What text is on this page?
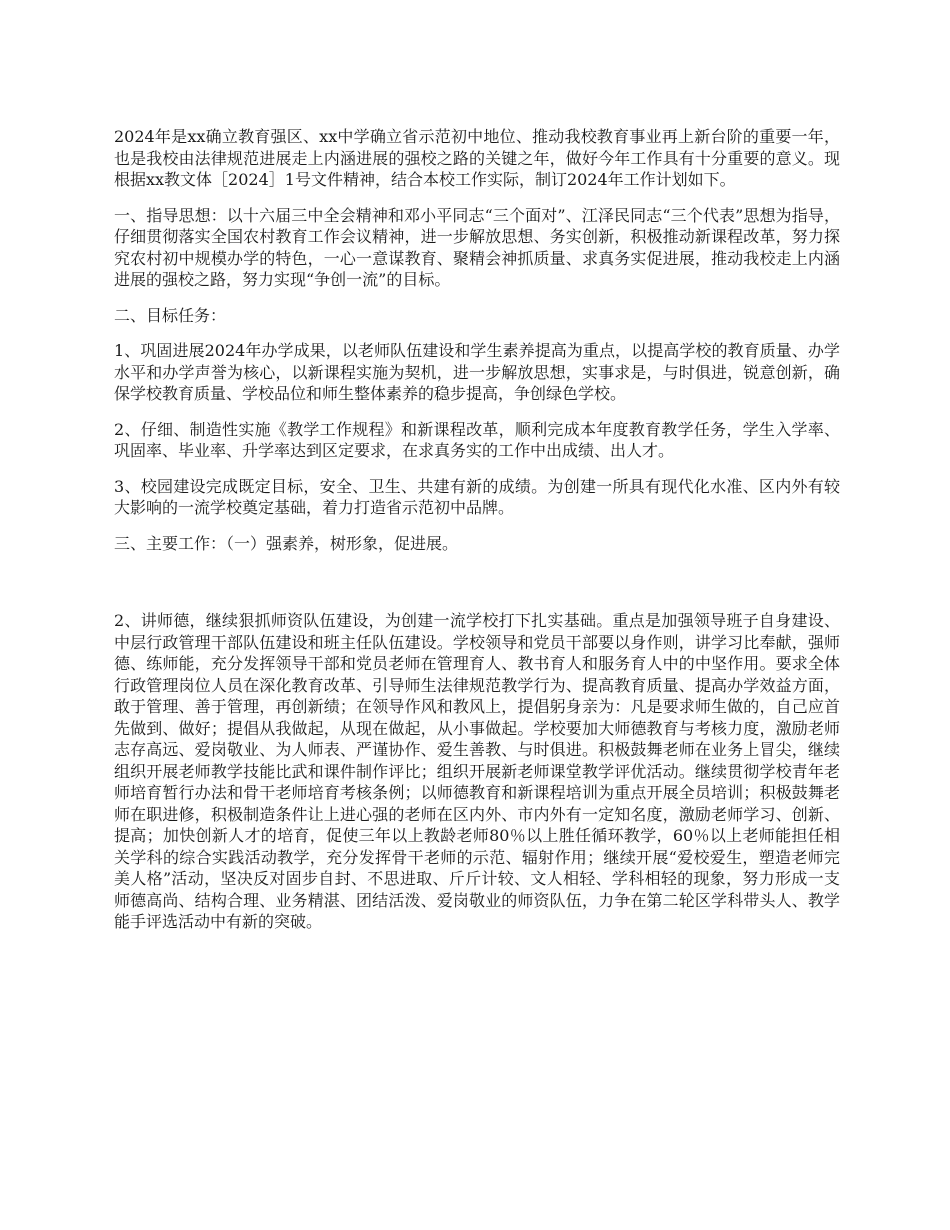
2024年是xx确立教育强区、xx中学确立省示范初中地位、推动我校教育事业再上新台阶的重要一年，也是我校由法律规范进展走上内涵进展的强校之路的关键之年，做好今年工作具有十分重要的意义。现根据xx教文体［2024］1号文件精神，结合本校工作实际，制订2024年工作计划如下。

一、指导思想：以十六届三中全会精神和邓小平同志“三个面对”、江泽民同志“三个代表”思想为指导，仔细贯彻落实全国农村教育工作会议精神，进一步解放思想、务实创新，积极推动新课程改革，努力探究农村初中规模办学的特色，一心一意谋教育、聚精会神抓质量、求真务实促进展，推动我校走上内涵进展的强校之路，努力实现“争创一流”的目标。

二、目标任务：

1、巩固进展2024年办学成果，以老师队伍建设和学生素养提高为重点，以提高学校的教育质量、办学水平和办学声誉为核心，以新课程实施为契机，进一步解放思想，实事求是，与时俱进，锐意创新，确保学校教育质量、学校品位和师生整体素养的稳步提高，争创绿色学校。

2、仔细、制造性实施《教学工作规程》和新课程改革，顺利完成本年度教育教学任务，学生入学率、巩固率、毕业率、升学率达到区定要求，在求真务实的工作中出成绩、出人才。

3、校园建设完成既定目标，安全、卫生、共建有新的成绩。为创建一所具有现代化水准、区内外有较大影响的一流学校奠定基础，着力打造省示范初中品牌。

三、主要工作：（一）强素养，树形象，促进展。

2、讲师德，继续狠抓师资队伍建设，为创建一流学校打下扎实基础。重点是加强领导班子自身建设、中层行政管理干部队伍建设和班主任队伍建设。学校领导和党员干部要以身作则，讲学习比奉献，强师德、练师能，充分发挥领导干部和党员老师在管理育人、教书育人和服务育人中的中坚作用。要求全体行政管理岗位人员在深化教育改革、引导师生法律规范教学行为、提高教育质量、提高办学效益方面，敢于管理、善于管理，再创新绩；在领导作风和教风上，提倡躬身亲为：凡是要求师生做的，自己应首先做到、做好；提倡从我做起，从现在做起，从小事做起。学校要加大师德教育与考核力度，激励老师志存高远、爱岗敬业、为人师表、严谨协作、爱生善教、与时俱进。积极鼓舞老师在业务上冒尖，继续组织开展老师教学技能比武和课件制作评比；组织开展新老师课堂教学评优活动。继续贯彻学校青年老师培育暂行办法和骨干老师培育考核条例；以师德教育和新课程培训为重点开展全员培训；积极鼓舞老师在职进修，积极制造条件让上进心强的老师在区内外、市内外有一定知名度，激励老师学习、创新、提高；加快创新人才的培育，促使三年以上教龄老师80％以上胜任循环教学，60％以上老师能担任相关学科的综合实践活动教学，充分发挥骨干老师的示范、辐射作用；继续开展“爱校爱生，塑造老师完美人格”活动，坚决反对固步自封、不思进取、斤斤计较、文人相轻、学科相轻的现象，努力形成一支师德高尚、结构合理、业务精湛、团结活泼、爱岗敬业的师资队伍，力争在第二轮区学科带头人、教学能手评选活动中有新的突破。
